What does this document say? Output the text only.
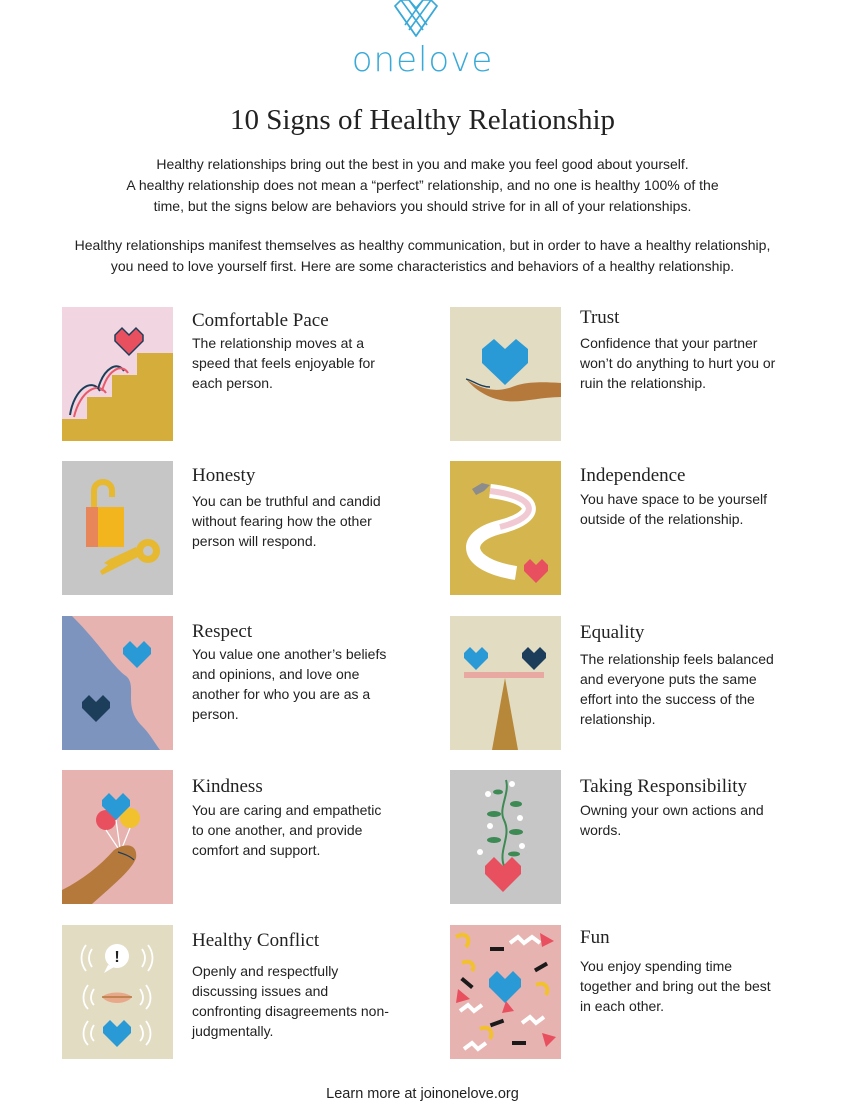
onelove
10 Signs of Healthy Relationship

Healthy relationships bring out the best in you and make you feel good about yourself.
A healthy relationship does not mean a “perfect” relationship, and no one is healthy 100% of the
time, but the signs below are behaviors you should strive for in all of your relationships.

Healthy relationships manifest themselves as healthy communication, but in order to have a healthy relationship,
you need to love yourself first. Here are some characteristics and behaviors of a healthy relationship.

Comfortable Pace
The relationship moves at a speed that feels enjoyable for each person.
Trust
Confidence that your partner won’t do anything to hurt you or ruin the relationship.
Honesty
You can be truthful and candid without fearing how the other person will respond.
Independence
You have space to be yourself outside of the relationship.
Respect
You value one another’s beliefs and opinions, and love one another for who you are as a person.
Equality
The relationship feels balanced and everyone puts the same effort into the success of the relationship.
Kindness
You are caring and empathetic to one another, and provide comfort and support.
Taking Responsibility
Owning your own actions and words.
!
Healthy Conflict
Openly and respectfully discussing issues and confronting disagreements non-judgmentally.
Fun
You enjoy spending time together and bring out the best in each other.
Learn more at joinonelove.org
